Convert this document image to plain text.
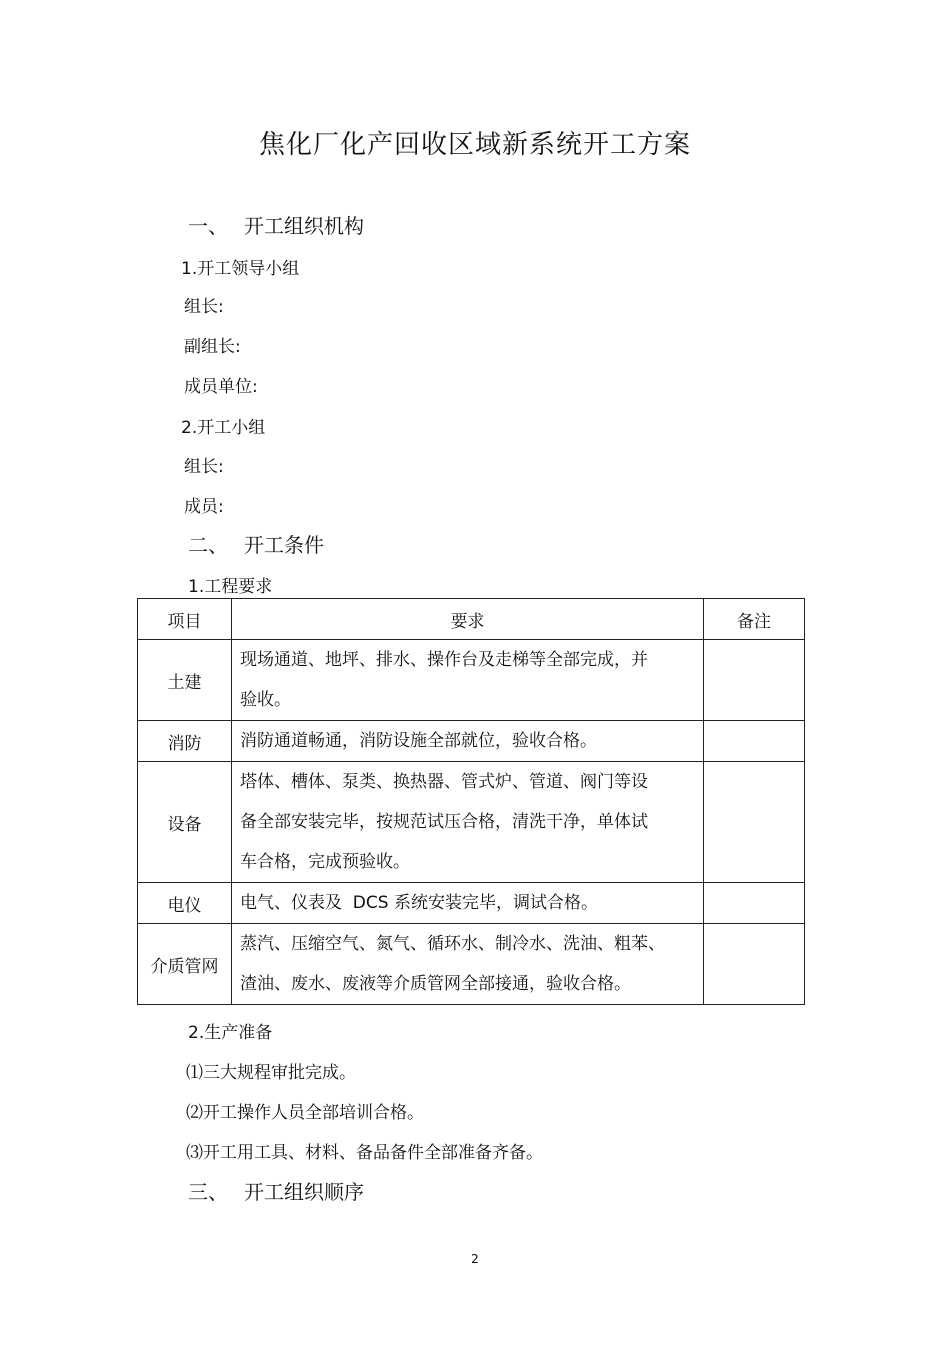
焦化厂化产回收区域新系统开工方案
一、 开工组织机构
1.开工领导小组
组长:
副组长:
成员单位:
2.开工小组
组长:
成员:
二、 开工条件
1.工程要求
项目	要求	备注
土建	现场通道、地坪、排水、操作台及走梯等全部完成，并
验收。	

消防	消防通道畅通，消防设施全部就位，验收合格。	

设备	塔体、槽体、泵类、换热器、管式炉、管道、阀门等设
备全部安装完毕，按规范试压合格，清洗干净，单体试
车合格，完成预验收。	

电仪	电气、仪表及  DCS 系统安装完毕，调试合格。	

介质管网	蒸汽、压缩空气、氮气、循环水、制冷水、洗油、粗苯、
渣油、废水、废液等介质管网全部接通，验收合格。	

2.生产准备
⑴三大规程审批完成。
⑵开工操作人员全部培训合格。
⑶开工用工具、材料、备品备件全部准备齐备。
三、 开工组织顺序
2
